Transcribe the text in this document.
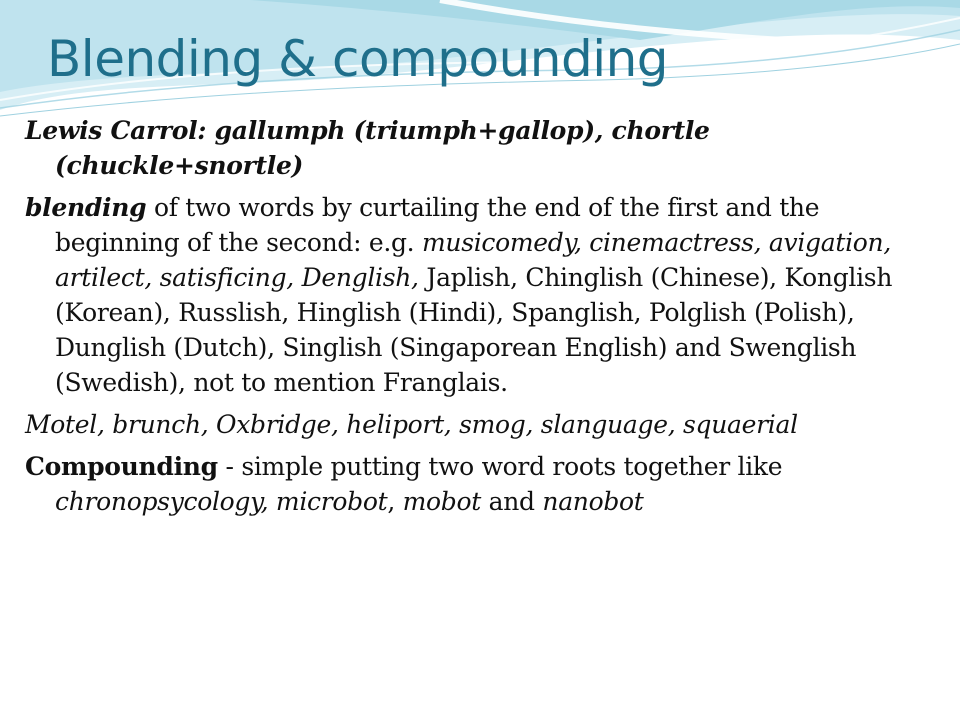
Blending & compounding

Lewis Carrol: gallumph (triumph+gallop), chortle (chuckle+snortle)

blending of two words by curtailing the end of the first and the beginning of the second: e.g. musicomedy, cinemactress, avigation, artilect, satisficing, Denglish, Japlish, Chinglish (Chinese), Konglish (Korean), Russlish, Hinglish (Hindi), Spanglish, Polglish (Polish), Dunglish (Dutch), Singlish (Singaporean English) and Swenglish (Swedish), not to mention Franglais.

Motel, brunch, Oxbridge, heliport, smog, slanguage, squaerial

Compounding - simple putting two word roots together like chronopsycology, microbot, mobot and nanobot
